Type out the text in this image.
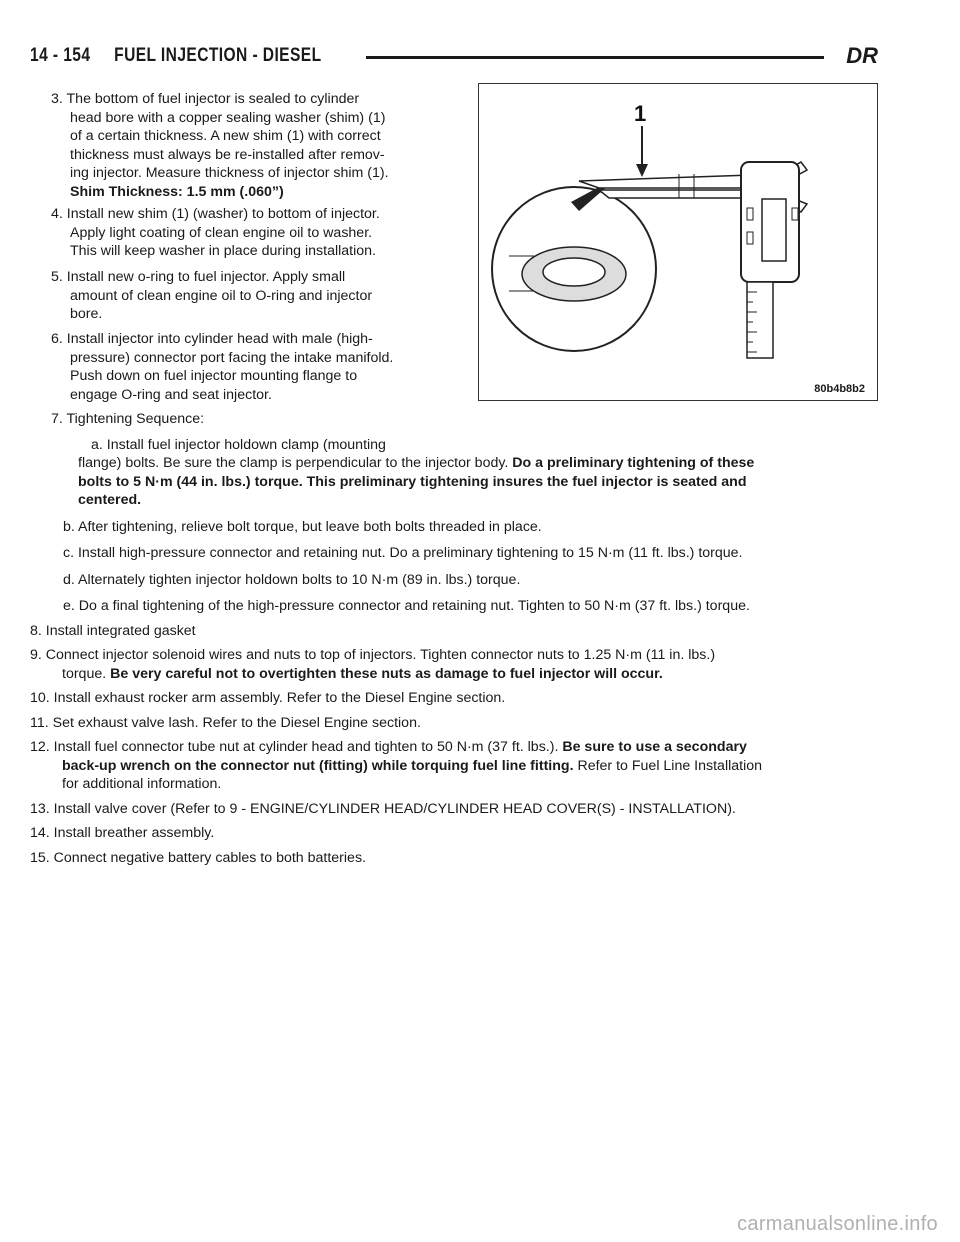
14 - 154     FUEL INJECTION - DIESEL	DR
3. The bottom of fuel injector is sealed to cylinder
head bore with a copper sealing washer (shim) (1)
of a certain thickness. A new shim (1) with correct
thickness must always be re-installed after remov-
ing injector. Measure thickness of injector shim (1).
Shim Thickness: 1.5 mm (.060”)
4. Install new shim (1) (washer) to bottom of injector.
Apply light coating of clean engine oil to washer.
This will keep washer in place during installation.
5. Install new o-ring to fuel injector. Apply small
amount of clean engine oil to O-ring and injector
bore.
6. Install injector into cylinder head with male (high-
pressure) connector port facing the intake manifold.
Push down on fuel injector mounting flange to
engage O-ring and seat injector.
7. Tightening Sequence:
a. Install fuel injector holdown clamp (mounting
1
80b4b8b2
flange) bolts. Be sure the clamp is perpendicular to the injector body. Do a preliminary tightening of these
bolts to 5 N·m (44 in. lbs.) torque. This preliminary tightening insures the fuel injector is seated and
centered.
b. After tightening, relieve bolt torque, but leave both bolts threaded in place.
c. Install high-pressure connector and retaining nut. Do a preliminary tightening to 15 N·m (11 ft. lbs.) torque.
d. Alternately tighten injector holdown bolts to 10 N·m (89 in. lbs.) torque.
e. Do a final tightening of the high-pressure connector and retaining nut. Tighten to 50 N·m (37 ft. lbs.) torque.
8. Install integrated gasket
9. Connect injector solenoid wires and nuts to top of injectors. Tighten connector nuts to 1.25 N·m (11 in. lbs.)
torque. Be very careful not to overtighten these nuts as damage to fuel injector will occur.
10. Install exhaust rocker arm assembly. Refer to the Diesel Engine section.
11. Set exhaust valve lash. Refer to the Diesel Engine section.
12. Install fuel connector tube nut at cylinder head and tighten to 50 N·m (37 ft. lbs.). Be sure to use a secondary
back-up wrench on the connector nut (fitting) while torquing fuel line fitting. Refer to Fuel Line Installation
for additional information.
13. Install valve cover (Refer to 9 - ENGINE/CYLINDER HEAD/CYLINDER HEAD COVER(S) - INSTALLATION).
14. Install breather assembly.
15. Connect negative battery cables to both batteries.
carmanualsonline.info
